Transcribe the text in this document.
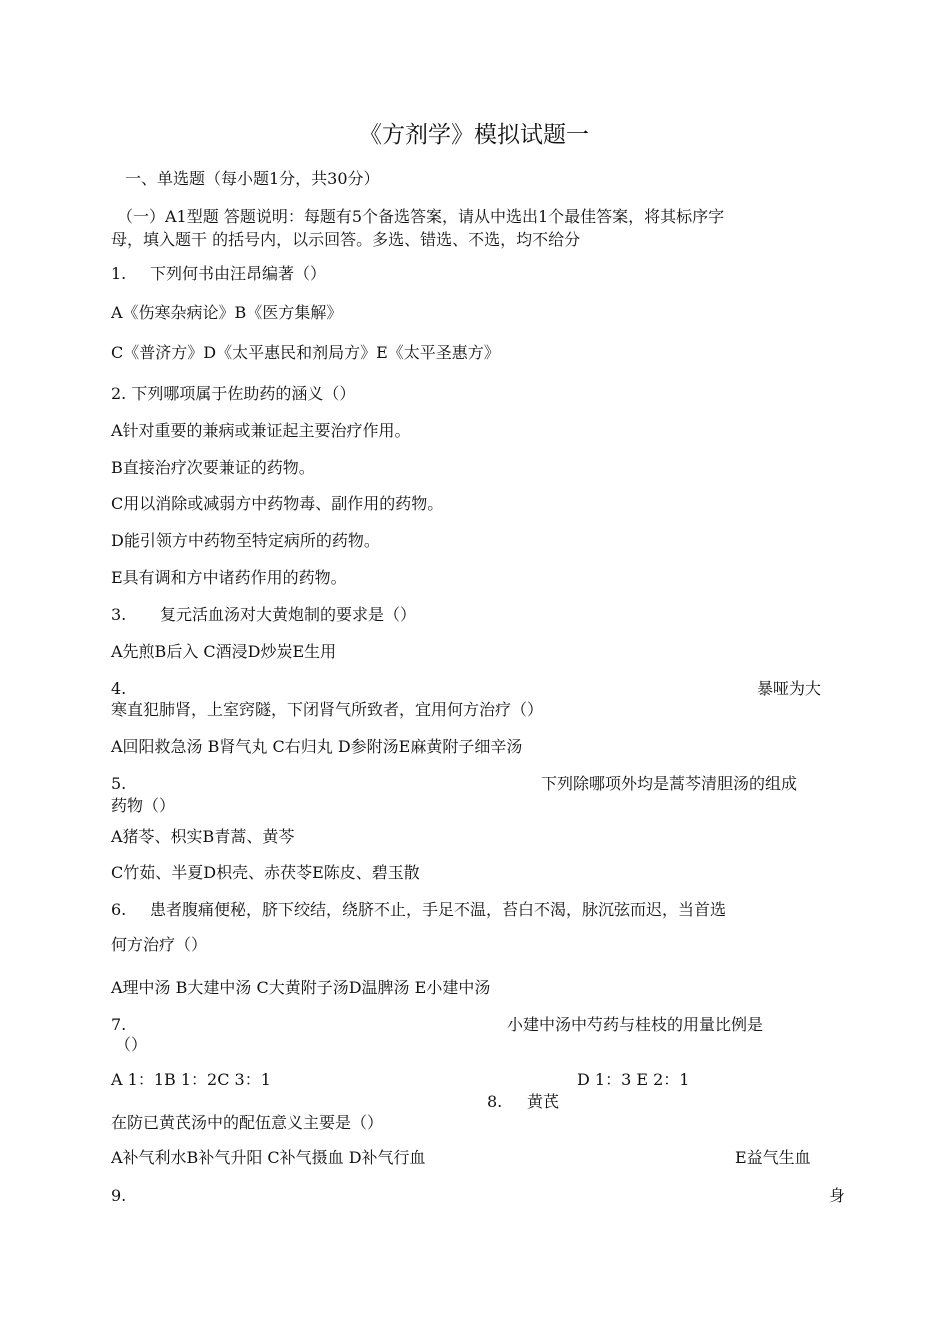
《方剂学》模拟试题一
一、单选题（每小题1分，共30分）
（一）A1型题 答题说明：每题有5个备选答案，请从中选出1个最佳答案，将其标序字
母，填入题干 的括号内，以示回答。多选、错选、不选，均不给分
1. 下列何书由汪昂编著（）
A《伤寒杂病论》B《医方集解》
C《普济方》D《太平惠民和剂局方》E《太平圣惠方》
2. 下列哪项属于佐助药的涵义（）
A针对重要的兼病或兼证起主要治疗作用。
B直接治疗次要兼证的药物。
C用以消除或减弱方中药物毒、副作用的药物。
D能引领方中药物至特定病所的药物。
E具有调和方中诸药作用的药物。
3. 复元活血汤对大黄炮制的要求是（）
A先煎B后入 C酒浸D炒炭E生用
4.	暴哑为大
寒直犯肺肾，上室窍隧，下闭肾气所致者，宜用何方治疗（）
A回阳救急汤 B肾气丸 C右归丸 D参附汤E麻黄附子细辛汤
5.	下列除哪项外均是蒿芩清胆汤的组成
药物（）
A猪苓、枳实B青蒿、黄芩
C竹茹、半夏D枳壳、赤茯苓E陈皮、碧玉散
6. 患者腹痛便秘，脐下绞结，绕脐不止，手足不温，苔白不渴，脉沉弦而迟，当首选
何方治疗（）
A理中汤 B大建中汤 C大黄附子汤D温脾汤 E小建中汤
7.	小建中汤中芍药与桂枝的用量比例是
（）
A 1：1B 1：2C 3：1	D 1：3 E 2：1
8. 黄芪
在防已黄芪汤中的配伍意义主要是（）
A补气利水B补气升阳 C补气摄血 D补气行血	E益气生血
9.	身
